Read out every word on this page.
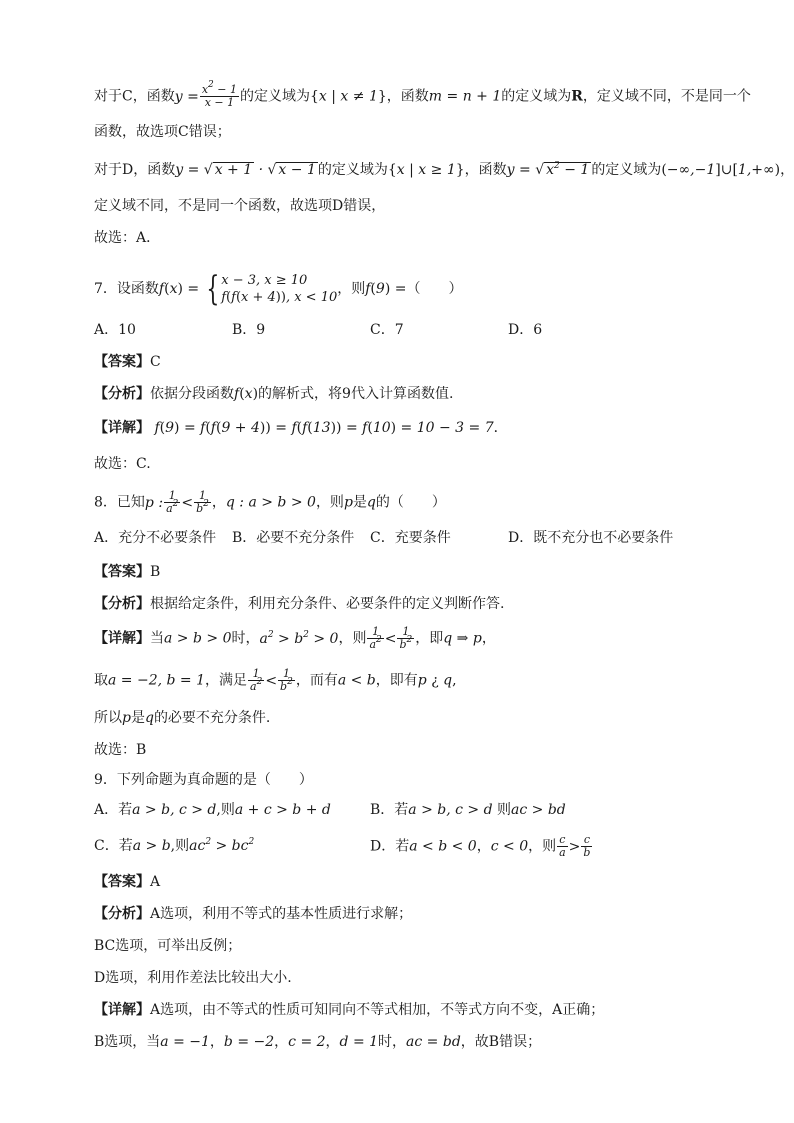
对于C，函数$y = \frac{x^2 - 1}{x - 1}$ 的定义域为{x | x ≠ 1}，函数m = n + 1的定义域为R，定义域不同，不是同一个
函数，故选项C错误；
对于D，函数y = √ x + 1 · √ x − 1 的定义域为{x | x ≥ 1}，函数y = √ $x^2 - 1$ 的定义域为(−∞,−1]∪[1,+∞)，
定义域不同，不是同一个函数，故选项D错误，
故选：A．
7．设函数f(x) = { x − 3, x ≥ 10
f(f(x + 4)), x < 10，则f(9) =（　　）
A．10	B．9	C．7	D．6
【答案】C
【分析】依据分段函数f(x)的解析式，将9代入计算函数值.
【详解】 f(9) = f(f(9 + 4)) = f(f(13)) = f(10) = 10 − 3 = 7．
故选：C.
8．已知p : $\frac{1}{a^2} < \frac{1}{b^2}$ ，q : a > b > 0，则p是q的（　　）
A．充分不必要条件 B．必要不充分条件 C．充要条件	D．既不充分也不必要条件
【答案】B
【分析】根据给定条件，利用充分条件、必要条件的定义判断作答.
【详解】当a > b > 0时，$a^2 > b^2 > 0$，则 $\frac{1}{a^2} < \frac{1}{b^2}$ ，即q ⇒ p，
取a = −2, b = 1，满足 $\frac{1}{a^2} < \frac{1}{b^2}$ ，而有a < b，即有p ¿ q,
所以p是q的必要不充分条件.
故选：B
9．下列命题为真命题的是（　　）
A．若a > b, c > d,则a + c > b + d	B．若a > b, c > d 则ac > bd
C．若a > b,则$ac^2 > bc^2$	D．若a < b < 0，c < 0，则 $\frac{c}{a} > \frac{c}{b}$
【答案】A
【分析】A选项，利用不等式的基本性质进行求解；
BC选项，可举出反例；
D选项，利用作差法比较出大小.
【详解】A选项，由不等式的性质可知同向不等式相加，不等式方向不变，A正确；
B选项，当a = −1，b = −2，c = 2，d = 1时，ac = bd，故B错误；
